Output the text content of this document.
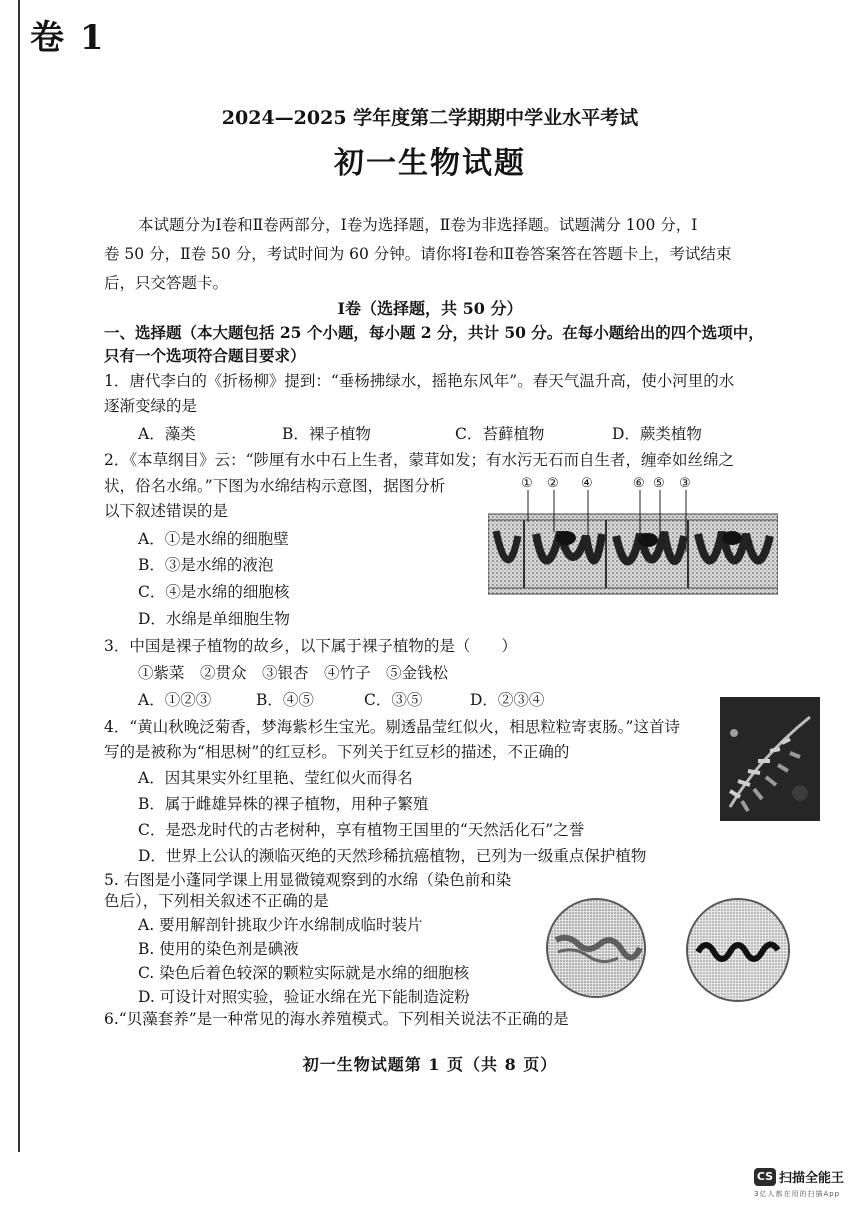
卷 1
2024—2025 学年度第二学期期中学业水平考试
初一生物试题
本试题分为Ⅰ卷和Ⅱ卷两部分，Ⅰ卷为选择题，Ⅱ卷为非选择题。试题满分 100 分，Ⅰ
卷 50 分，Ⅱ卷 50 分，考试时间为 60 分钟。请你将Ⅰ卷和Ⅱ卷答案答在答题卡上，考试结束
后，只交答题卡。
Ⅰ卷（选择题，共 50 分）
一、选择题（本大题包括 25 个小题，每小题 2 分，共计 50 分。在每小题给出的四个选项中，
只有一个选项符合题目要求）
1．唐代李白的《折杨柳》提到：“垂杨拂绿水，摇艳东风年”。春天气温升高，使小河里的水
逐渐变绿的是
A．藻类	B．裸子植物	C．苔藓植物	D．蕨类植物
2．《本草纲目》云：“陟厘有水中石上生者，蒙茸如发；有水污无石而自生者，缠牵如丝绵之
状，俗名水绵。”下图为水绵结构示意图，据图分析
以下叙述错误的是
A．①是水绵的细胞壁
B．③是水绵的液泡
C．④是水绵的细胞核
D．水绵是单细胞生物
① ② ④	⑥ ⑤ ③
3．中国是裸子植物的故乡，以下属于裸子植物的是（　　）
①紫菜　②贯众　③银杏　④竹子　⑤金钱松
A．①②③	B．④⑤	C．③⑤	D．②③④
4．“黄山秋晚泛菊香，梦海紫杉生宝光。剔透晶莹红似火，相思粒粒寄衷肠。”这首诗
写的是被称为“相思树”的红豆杉。下列关于红豆杉的描述，不正确的
A．因其果实外红里艳、莹红似火而得名
B．属于雌雄异株的裸子植物，用种子繁殖
C．是恐龙时代的古老树种，享有植物王国里的“天然活化石”之誉
D．世界上公认的濒临灭绝的天然珍稀抗癌植物，已列为一级重点保护植物
5. 右图是小蓬同学课上用显微镜观察到的水绵（染色前和染
色后），下列相关叙述不正确的是
A. 要用解剖针挑取少许水绵制成临时装片
B. 使用的染色剂是碘液
C. 染色后着色较深的颗粒实际就是水绵的细胞核
D. 可设计对照实验，验证水绵在光下能制造淀粉
6.“贝藻套养”是一种常见的海水养殖模式。下列相关说法不正确的是
初一生物试题第 1 页（共 8 页）
CS 扫描全能王
3亿人都在用的扫描App
